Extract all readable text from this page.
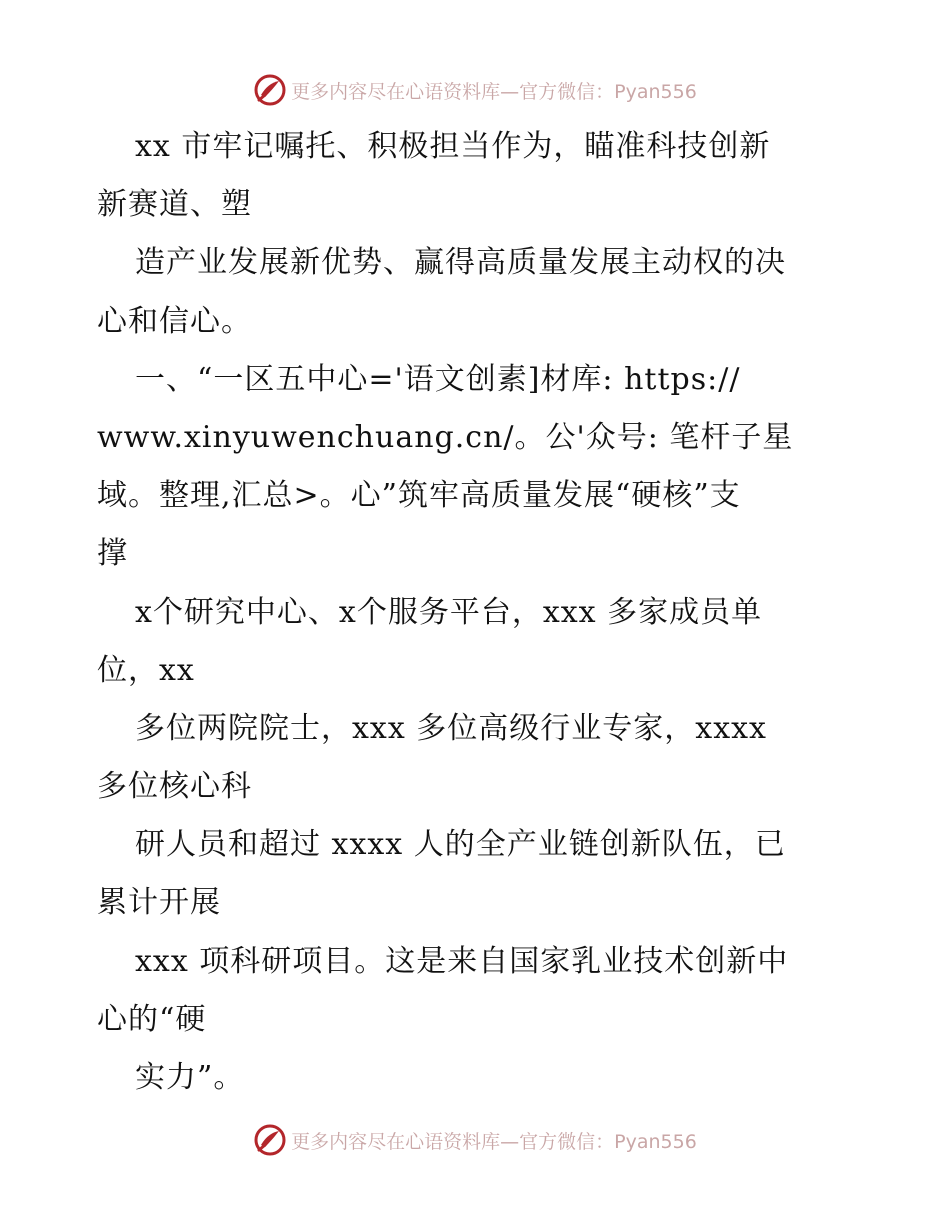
更多内容尽在心语资料库—官方微信：Pyan556
xx 市牢记嘱托、积极担当作为，瞄准科技创新
新赛道、塑
造产业发展新优势、赢得高质量发展主动权的决
心和信心。
一、“一区五中心='语文创素]材库: https://
www.xinyuwenchuang.cn/。公'众号: 笔杆子星
域。整理,汇总>。心”筑牢高质量发展“硬核”支
撑
x个研究中心、x个服务平台，xxx 多家成员单
位，xx
多位两院院士，xxx 多位高级行业专家，xxxx
多位核心科
研人员和超过 xxxx 人的全产业链创新队伍，已
累计开展
xxx 项科研项目。这是来自国家乳业技术创新中
心的“硬
实力”。
更多内容尽在心语资料库—官方微信：Pyan556
